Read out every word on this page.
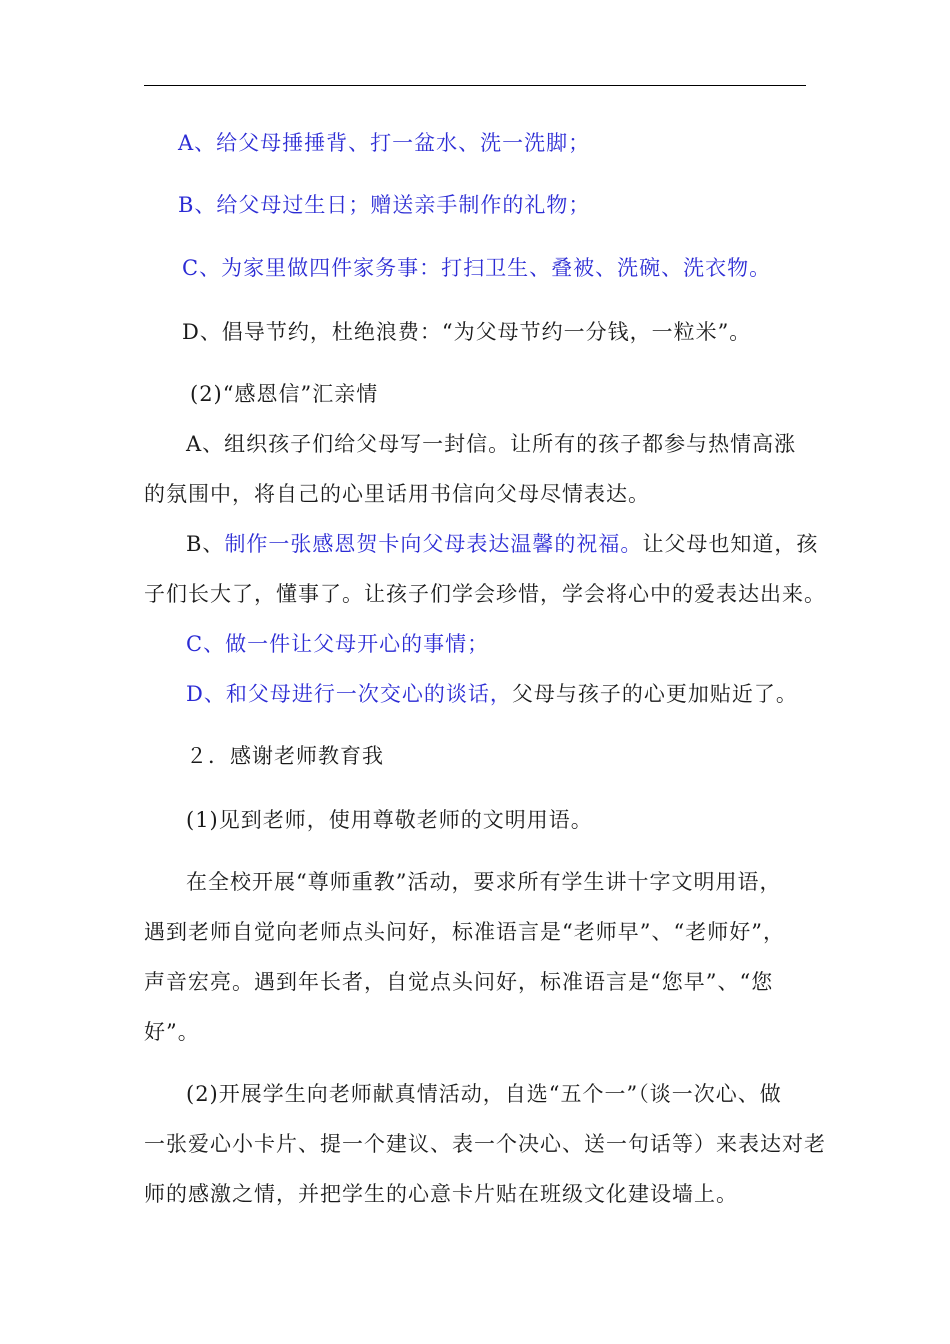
A、给父母捶捶背、打一盆水、洗一洗脚；
B、给父母过生日；赠送亲手制作的礼物；
C、为家里做四件家务事：打扫卫生、叠被、洗碗、洗衣物。
D、倡导节约，杜绝浪费：“为父母节约一分钱，一粒米”。
(2)“感恩信”汇亲情
A、组织孩子们给父母写一封信。让所有的孩子都参与热情高涨
的氛围中，将自己的心里话用书信向父母尽情表达。
B、制作一张感恩贺卡向父母表达温馨的祝福。让父母也知道，孩
子们长大了，懂事了。让孩子们学会珍惜，学会将心中的爱表达出来。
C、做一件让父母开心的事情；
D、和父母进行一次交心的谈话，父母与孩子的心更加贴近了。
２．感谢老师教育我
(1)见到老师，使用尊敬老师的文明用语。
在全校开展“尊师重教”活动，要求所有学生讲十字文明用语，
遇到老师自觉向老师点头问好，标准语言是“老师早”、“老师好”，
声音宏亮。遇到年长者，自觉点头问好，标准语言是“您早”、“您
好”。
(2)开展学生向老师献真情活动，自选“五个一”（谈一次心、做
一张爱心小卡片、提一个建议、表一个决心、送一句话等）来表达对老
师的感激之情，并把学生的心意卡片贴在班级文化建设墙上。
